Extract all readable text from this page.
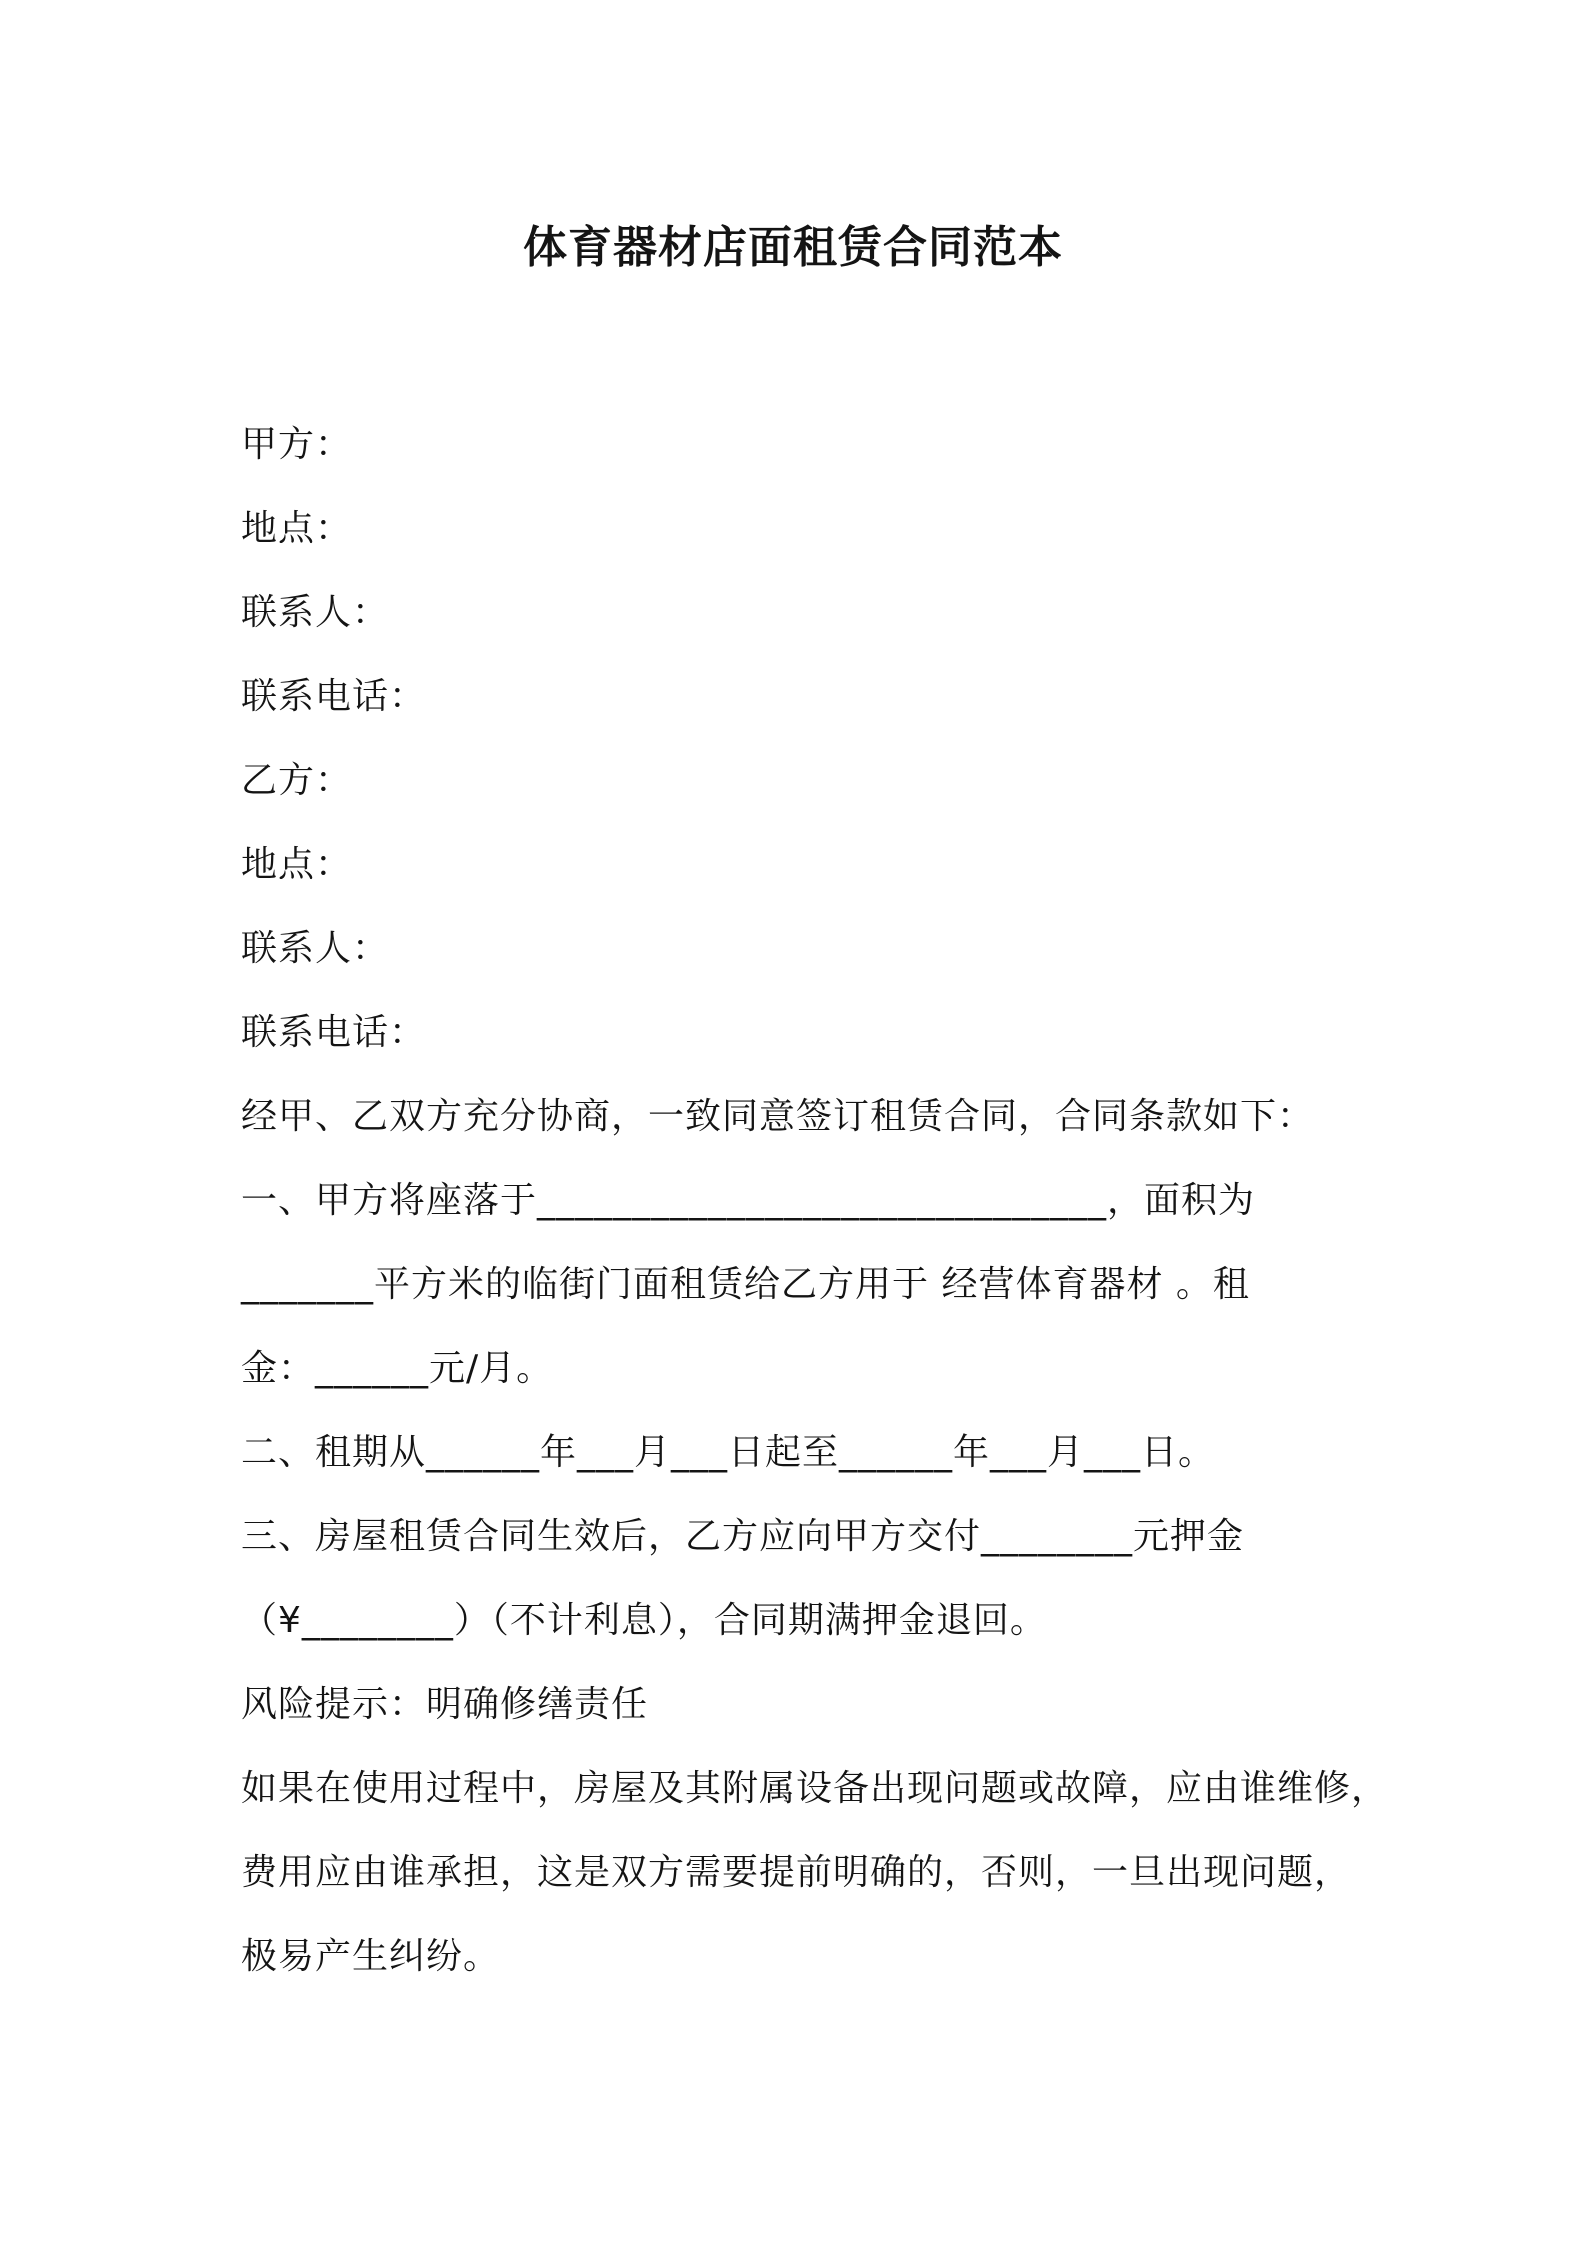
体育器材店面租赁合同范本
甲方：
地点：
联系人：
联系电话：
乙方：
地点：
联系人：
联系电话：
经甲、乙双方充分协商，一致同意签订租赁合同，合同条款如下：
一、甲方将座落于______________________________，面积为
_______平方米的临街门面租赁给乙方用于 经营体育器材 。租
金：______元/月。
二、租期从______年___月___日起至______年___月___日。
三、房屋租赁合同生效后，乙方应向甲方交付________元押金
（¥________）（不计利息），合同期满押金退回。
风险提示：明确修缮责任
如果在使用过程中，房屋及其附属设备出现问题或故障，应由谁维修，
费用应由谁承担，这是双方需要提前明确的，否则，一旦出现问题，
极易产生纠纷。
